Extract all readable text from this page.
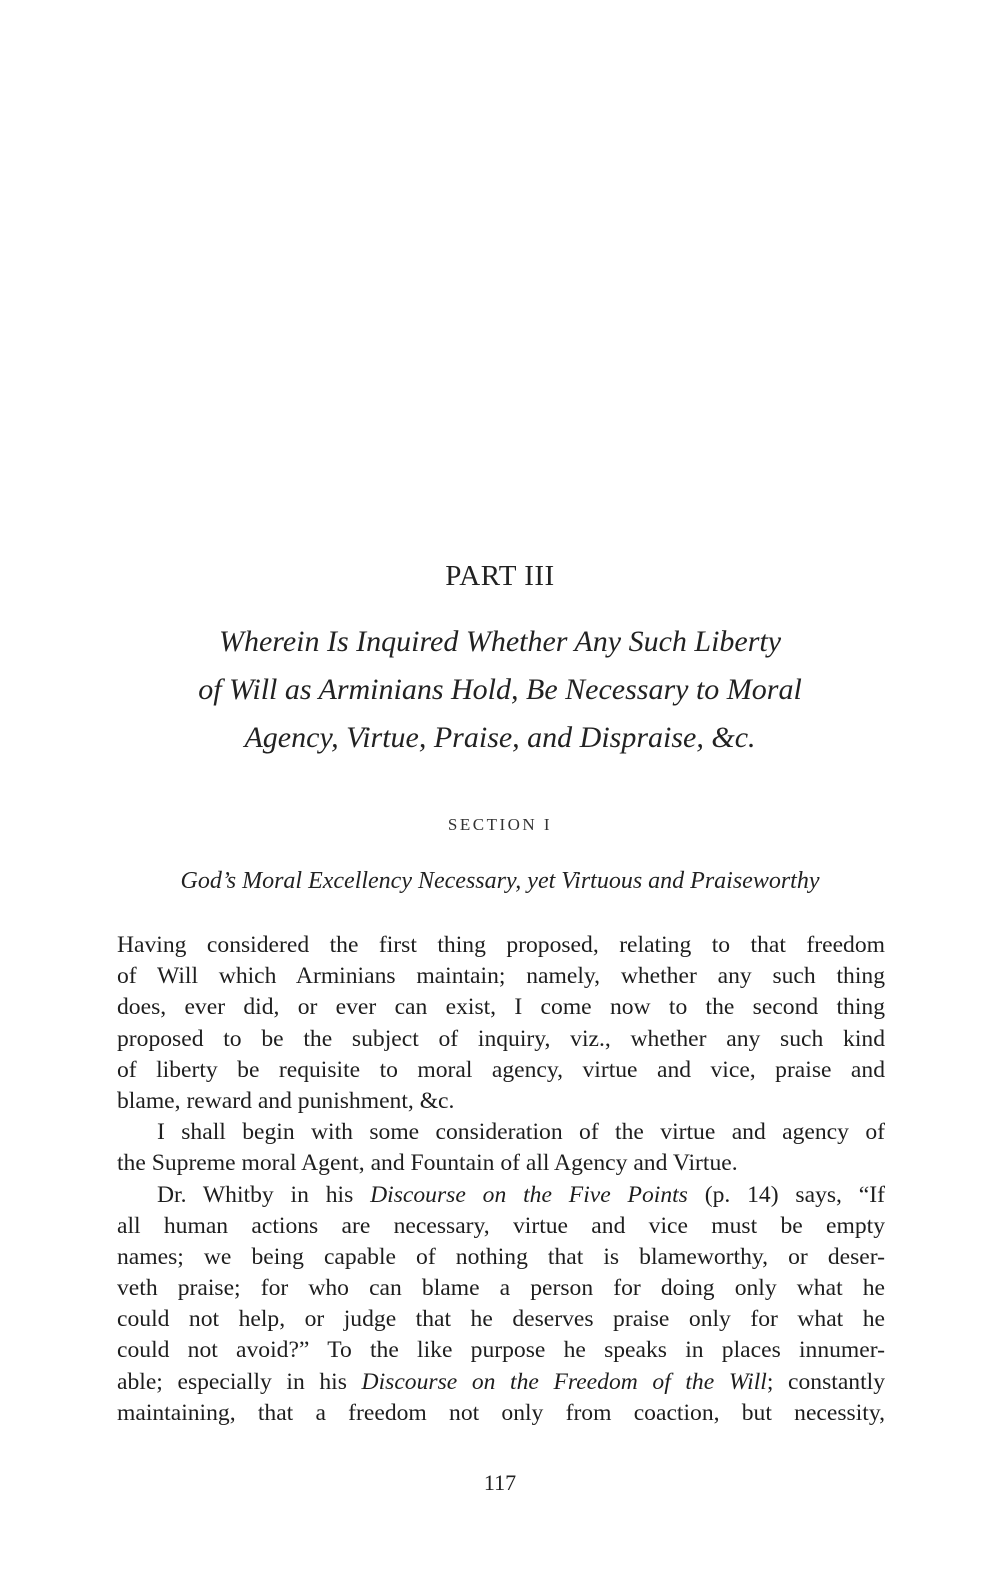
PART III
Wherein Is Inquired Whether Any Such Liberty
of Will as Arminians Hold, Be Necessary to Moral
Agency, Virtue, Praise, and Dispraise, &c.
SECTION I
God’s Moral Excellency Necessary, yet Virtuous and Praiseworthy
Having considered the first thing proposed, relating to that freedom
of Will which Arminians maintain; namely, whether any such thing
does, ever did, or ever can exist, I come now to the second thing
proposed to be the subject of inquiry, viz., whether any such kind
of liberty be requisite to moral agency, virtue and vice, praise and
blame, reward and punishment, &c.
I shall begin with some consideration of the virtue and agency of
the Supreme moral Agent, and Fountain of all Agency and Virtue.
Dr. Whitby in his Discourse on the Five Points (p. 14) says, “If
all human actions are necessary, virtue and vice must be empty
names; we being capable of nothing that is blameworthy, or deser-
veth praise; for who can blame a person for doing only what he
could not help, or judge that he deserves praise only for what he
could not avoid?” To the like purpose he speaks in places innumer-
able; especially in his Discourse on the Freedom of the Will; constantly
maintaining, that a freedom not only from coaction, but necessity,
117
